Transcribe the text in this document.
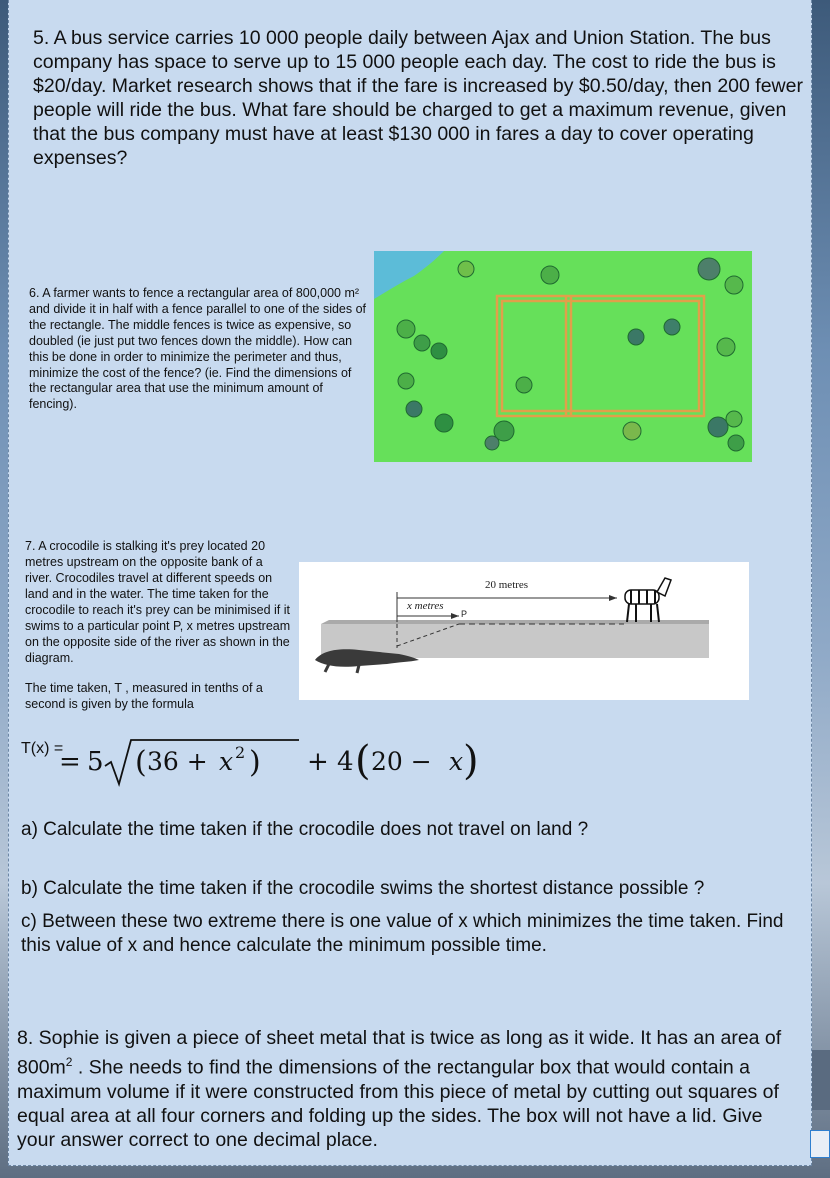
5. A bus service carries 10 000 people daily between Ajax and Union Station. The bus company has space to serve up to 15 000 people each day. The cost to ride the bus is $20/day. Market research shows that if the fare is increased by $0.50/day, then 200 fewer people will ride the bus. What fare should be charged to get a maximum revenue, given that the bus company must have at least $130 000 in fares a day to cover operating expenses?
6. A farmer wants to fence a rectangular area of 800,000 m² and divide it in half with a fence parallel to one of the sides of the rectangle. The middle fences is twice as expensive, so doubled (ie just put two fences down the middle). How can this be done in order to minimize the perimeter and thus, minimize the cost of the fence? (ie. Find the dimensions of the rectangular area that use the minimum amount of fencing).
7. A crocodile is stalking it's prey located 20 metres upstream on the opposite bank of a river. Crocodiles travel at different speeds on land and in the water. The time taken for the crocodile to reach it's prey can be minimised if it swims to a particular point P, x metres upstream on the opposite side of the river as shown in the diagram.
20 metres
x metres
P
The time taken, T , measured in tenths of a second is given by the formula
T(x) =
= 5 ( 36 + x 2 ) + 4 ( 20 − x )
a) Calculate the time taken if the crocodile does not travel on land ?
b) Calculate the time taken if the crocodile swims the shortest distance possible ?
c) Between these two extreme there is one value of x which minimizes the time taken. Find this value of x and hence calculate the minimum possible time.
8. Sophie is given a piece of sheet metal that is twice as long as it wide. It has an area of $800m^2$ . She needs to find the dimensions of the rectangular box that would contain a maximum volume if it were constructed from this piece of metal by cutting out squares of equal area at all four corners and folding up the sides. The box will not have a lid. Give your answer correct to one decimal place.
